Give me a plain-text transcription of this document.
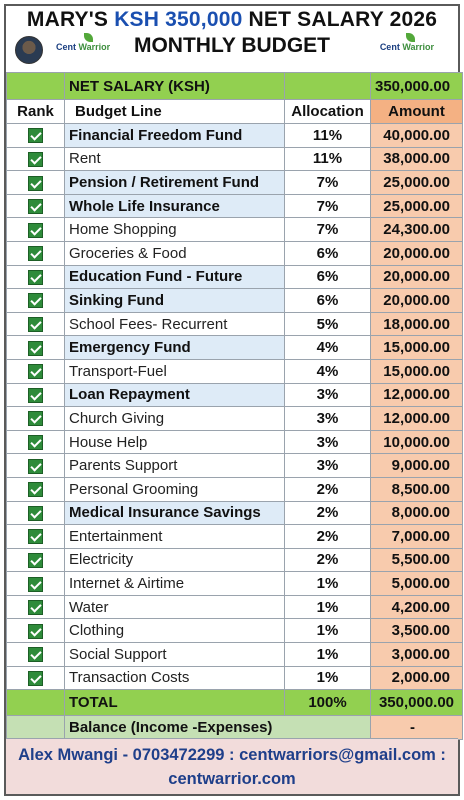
MARY'S KSH 350,000 NET SALARY 2026
MONTHLY BUDGET
Cent Warrior	Cent Warrior
	NET SALARY (KSH)		350,000.00
Rank	Budget Line	Allocation	Amount
	Financial Freedom Fund	11%	40,000.00
	Rent	11%	38,000.00
	Pension / Retirement Fund	7%	25,000.00
	Whole Life Insurance	7%	25,000.00
	Home Shopping	7%	24,300.00
	Groceries & Food	6%	20,000.00
	Education Fund - Future	6%	20,000.00
	Sinking Fund	6%	20,000.00
	School Fees- Recurrent	5%	18,000.00
	Emergency Fund	4%	15,000.00
	Transport-Fuel	4%	15,000.00
	Loan Repayment	3%	12,000.00
	Church Giving	3%	12,000.00
	House Help	3%	10,000.00
	Parents Support	3%	9,000.00
	Personal Grooming	2%	8,500.00
	Medical Insurance Savings	2%	8,000.00
	Entertainment	2%	7,000.00
	Electricity	2%	5,500.00
	Internet & Airtime	1%	5,000.00
	Water	1%	4,200.00
	Clothing	1%	3,500.00
	Social Support	1%	3,000.00
	Transaction Costs	1%	2,000.00
	TOTAL	100%	350,000.00
	Balance (Income -Expenses)		-
Alex Mwangi - 0703472299 : centwarriors@gmail.com :
centwarrior.com
